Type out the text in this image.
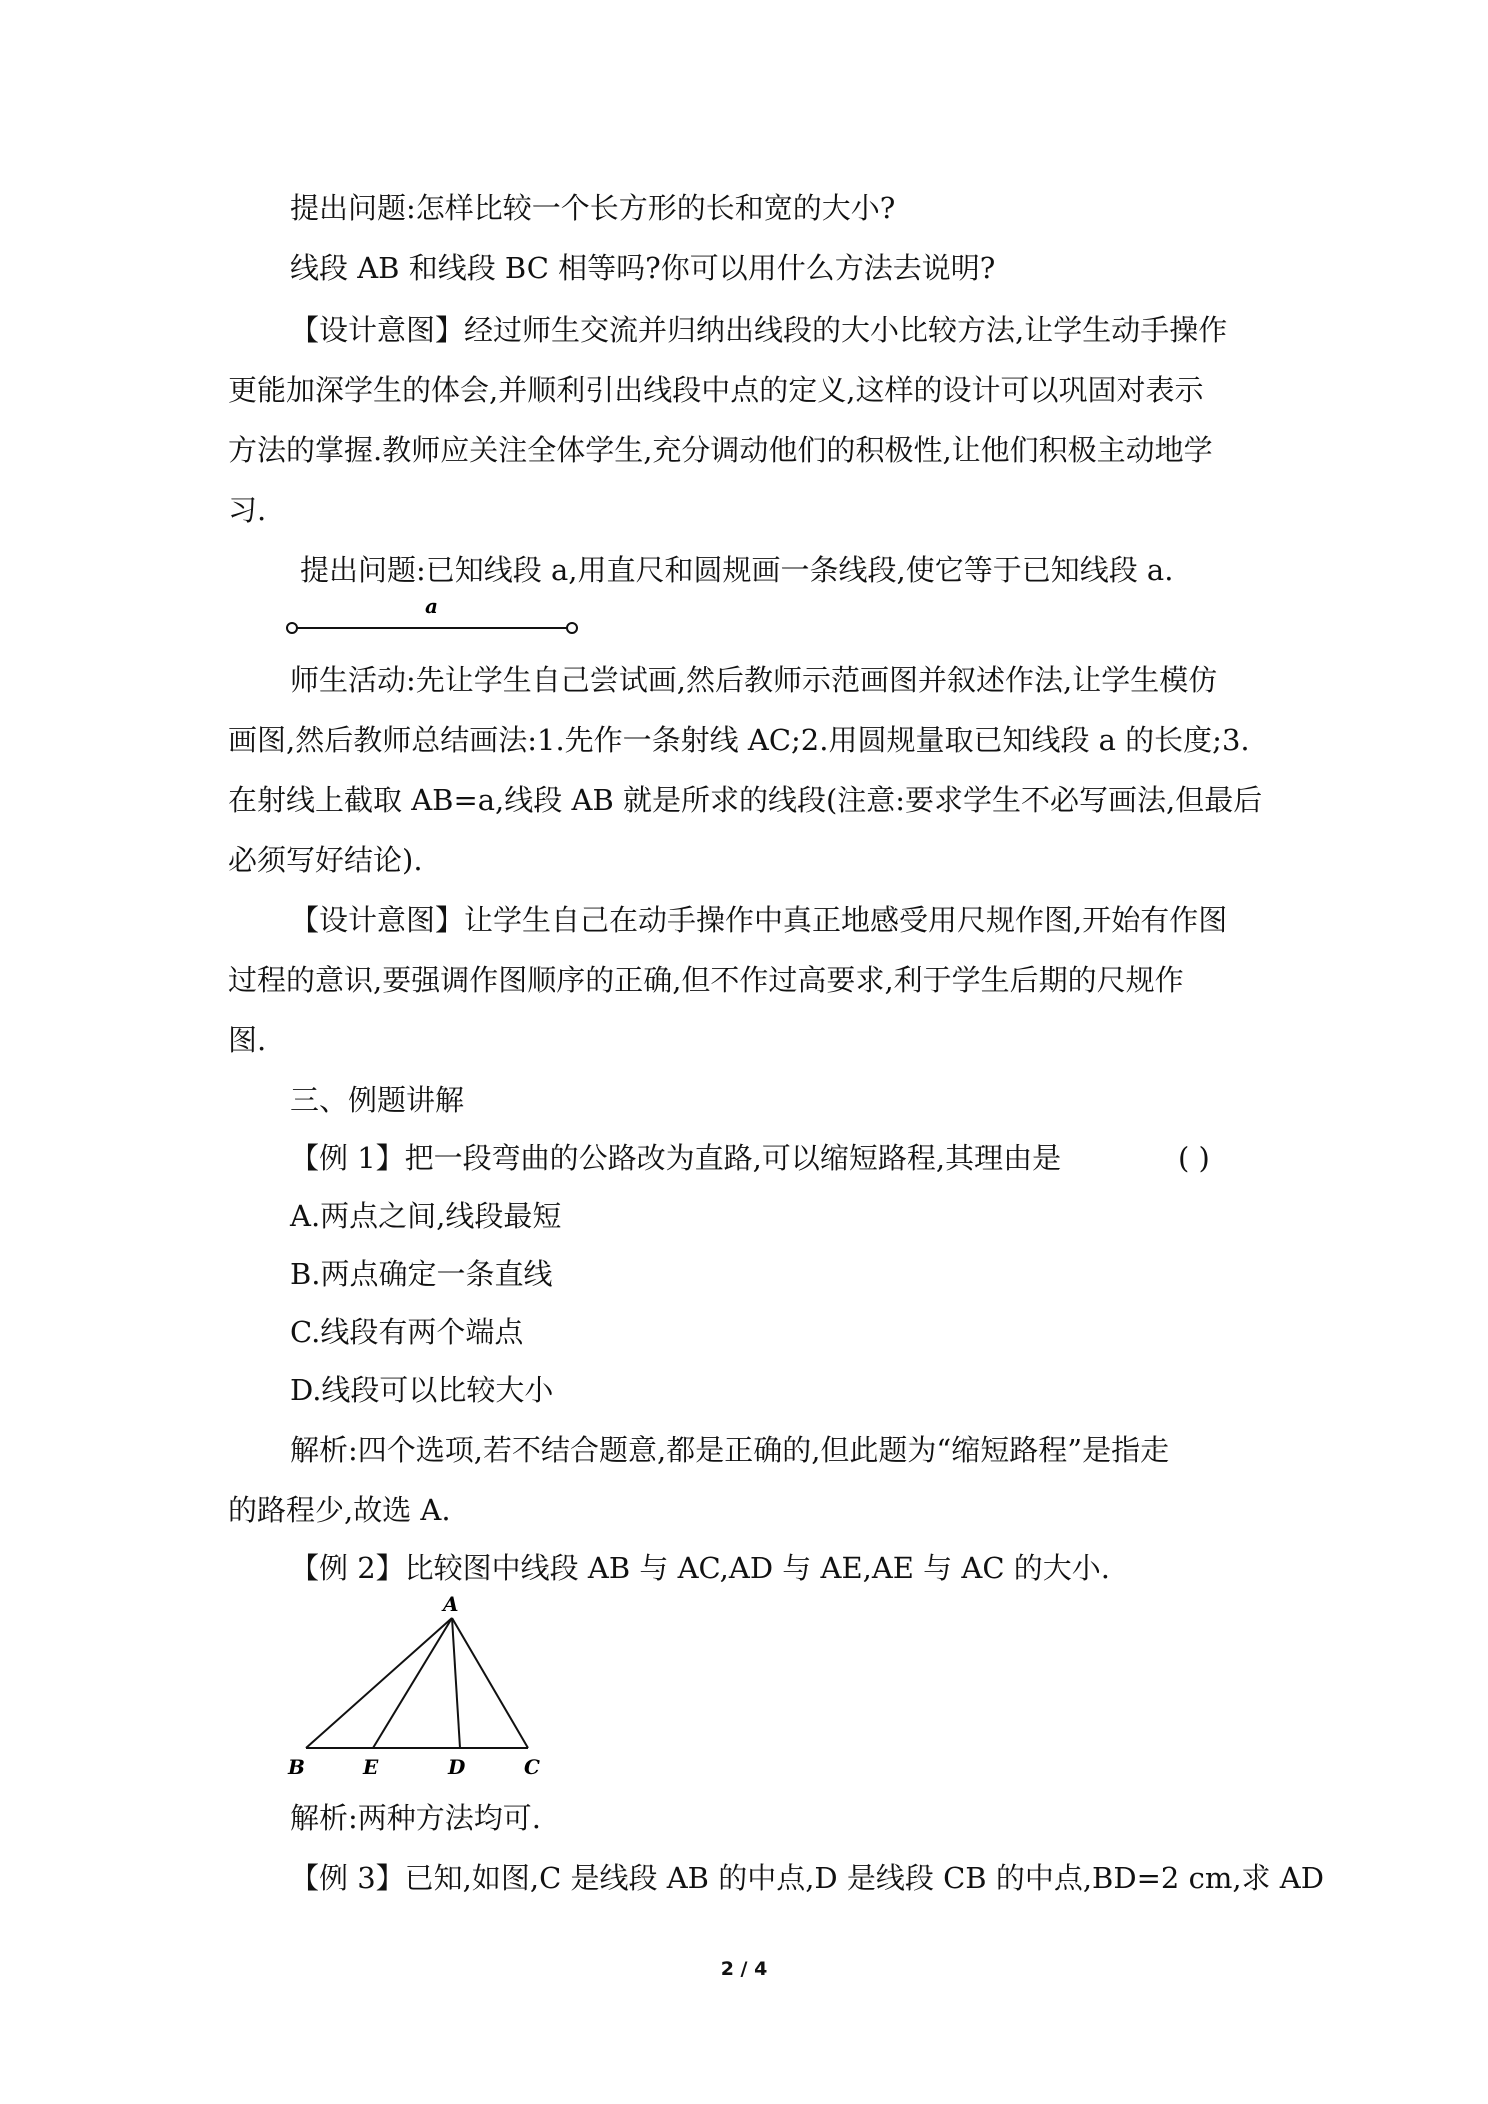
提出问题:怎样比较一个长方形的长和宽的大小?
线段 AB 和线段 BC 相等吗?你可以用什么方法去说明?
【设计意图】经过师生交流并归纳出线段的大小比较方法,让学生动手操作
更能加深学生的体会,并顺利引出线段中点的定义,这样的设计可以巩固对表示
方法的掌握.教师应关注全体学生,充分调动他们的积极性,让他们积极主动地学
习.
提出问题:已知线段 a,用直尺和圆规画一条线段,使它等于已知线段 a.
a
师生活动:先让学生自己尝试画,然后教师示范画图并叙述作法,让学生模仿
画图,然后教师总结画法:1.先作一条射线 AC;2.用圆规量取已知线段 a 的长度;3.
在射线上截取 AB=a,线段 AB 就是所求的线段(注意:要求学生不必写画法,但最后
必须写好结论).
【设计意图】让学生自己在动手操作中真正地感受用尺规作图,开始有作图
过程的意识,要强调作图顺序的正确,但不作过高要求,利于学生后期的尺规作
图.
三、例题讲解
【例 1】把一段弯曲的公路改为直路,可以缩短路程,其理由是	( )
A.两点之间,线段最短
B.两点确定一条直线
C.线段有两个端点
D.线段可以比较大小
解析:四个选项,若不结合题意,都是正确的,但此题为“缩短路程”是指走
的路程少,故选 A.
【例 2】比较图中线段 AB 与 AC,AD 与 AE,AE 与 AC 的大小.
A
B	E	D	C
解析:两种方法均可.
【例 3】已知,如图,C 是线段 AB 的中点,D 是线段 CB 的中点,BD=2 cm,求 AD
2 / 4
